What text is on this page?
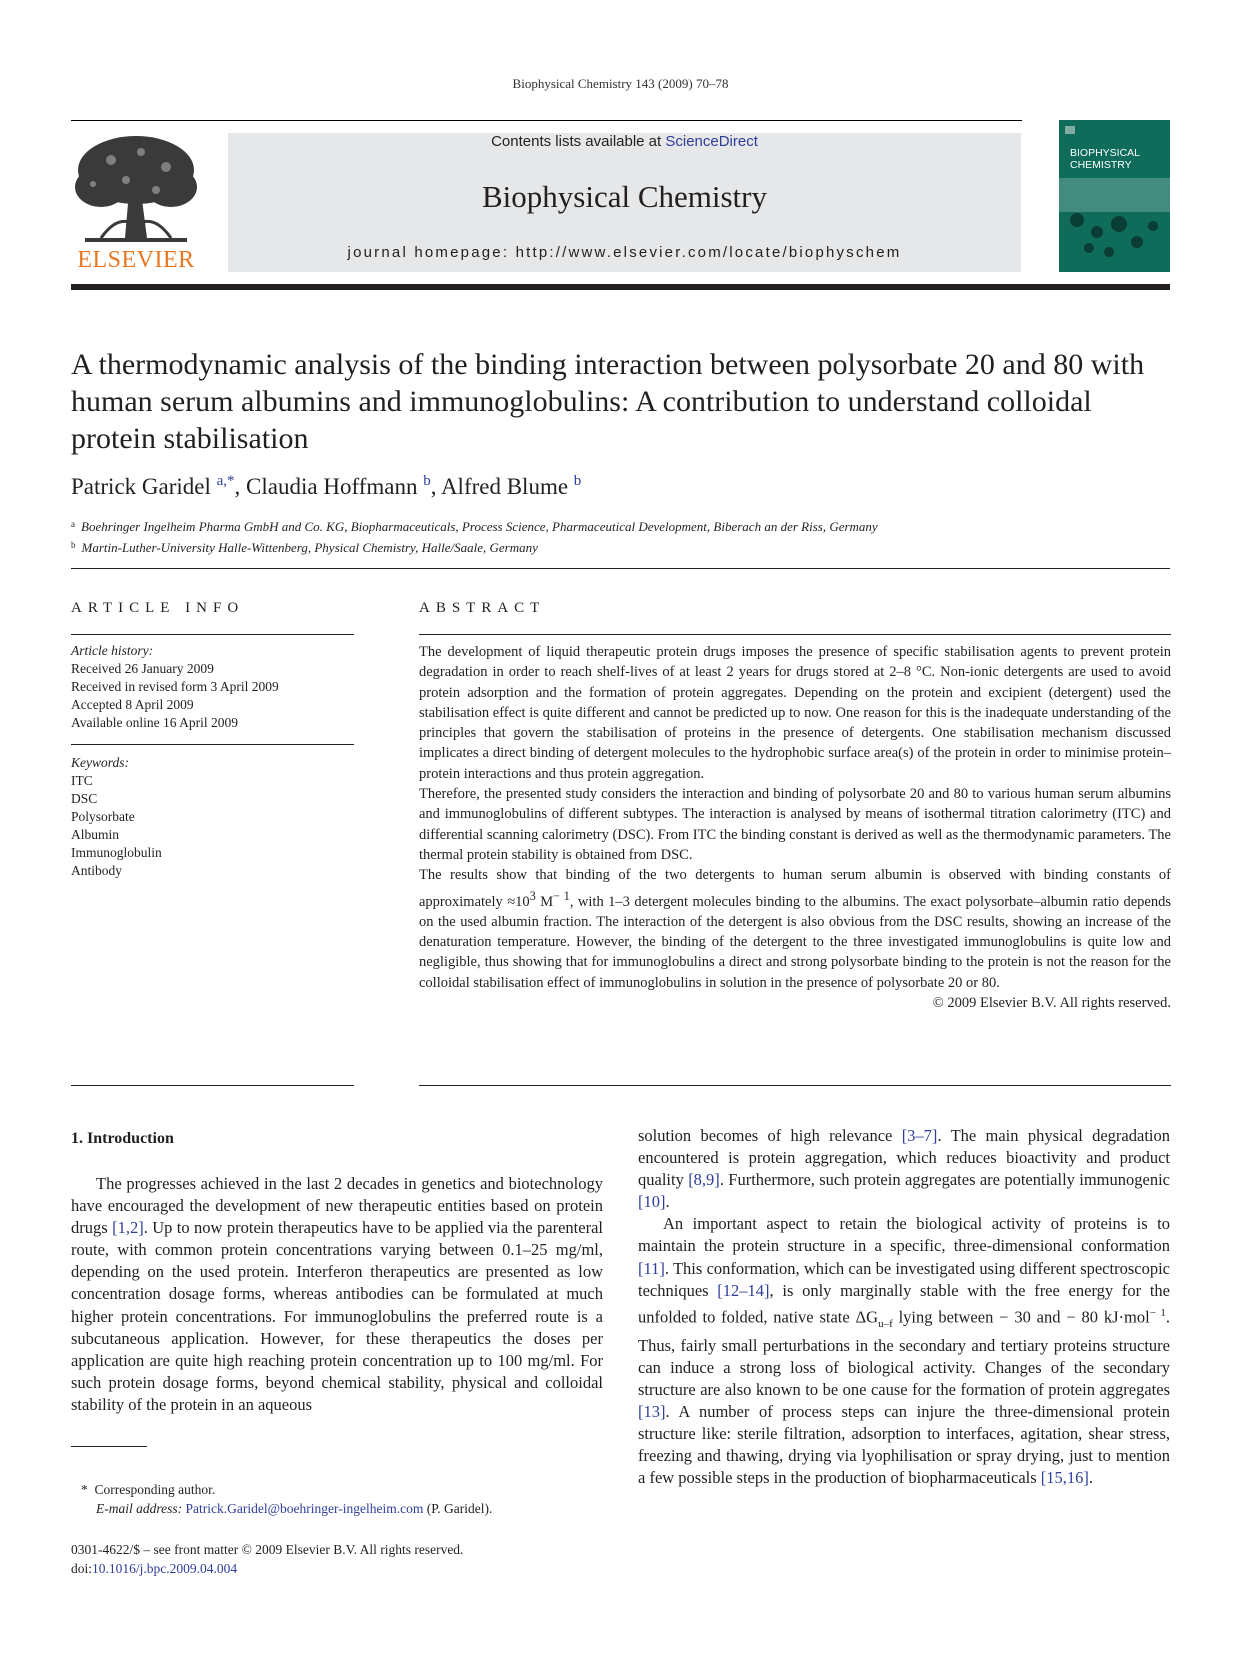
Biophysical Chemistry 143 (2009) 70–78
ELSEVIER
Contents lists available at ScienceDirect
Biophysical Chemistry
journal homepage: http://www.elsevier.com/locate/biophyschem
BIOPHYSICAL
CHEMISTRY
A thermodynamic analysis of the binding interaction between polysorbate 20 and 80 with human serum albumins and immunoglobulins: A contribution to understand colloidal protein stabilisation
Patrick Garidel $^{a,*}$, Claudia Hoffmann $^b$, Alfred Blume $^b$
$^a$ Boehringer Ingelheim Pharma GmbH and Co. KG, Biopharmaceuticals, Process Science, Pharmaceutical Development, Biberach an der Riss, Germany
$^b$ Martin-Luther-University Halle-Wittenberg, Physical Chemistry, Halle/Saale, Germany
ARTICLE INFO
Article history:
Received 26 January 2009
Received in revised form 3 April 2009
Accepted 8 April 2009
Available online 16 April 2009
Keywords:
ITC
DSC
Polysorbate
Albumin
Immunoglobulin
Antibody
ABSTRACT

The development of liquid therapeutic protein drugs imposes the presence of specific stabilisation agents to prevent protein degradation in order to reach shelf-lives of at least 2 years for drugs stored at 2–8 °C. Non-ionic detergents are used to avoid protein adsorption and the formation of protein aggregates. Depending on the protein and excipient (detergent) used the stabilisation effect is quite different and cannot be predicted up to now. One reason for this is the inadequate understanding of the principles that govern the stabilisation of proteins in the presence of detergents. One stabilisation mechanism discussed implicates a direct binding of detergent molecules to the hydrophobic surface area(s) of the protein in order to minimise protein–protein interactions and thus protein aggregation.

Therefore, the presented study considers the interaction and binding of polysorbate 20 and 80 to various human serum albumins and immunoglobulins of different subtypes. The interaction is analysed by means of isothermal titration calorimetry (ITC) and differential scanning calorimetry (DSC). From ITC the binding constant is derived as well as the thermodynamic parameters. The thermal protein stability is obtained from DSC.

The results show that binding of the two detergents to human serum albumin is observed with binding constants of approximately $\approx 10^3$ $M^{- 1}$, with 1–3 detergent molecules binding to the albumins. The exact polysorbate–albumin ratio depends on the used albumin fraction. The interaction of the detergent is also obvious from the DSC results, showing an increase of the denaturation temperature. However, the binding of the detergent to the three investigated immunoglobulins is quite low and negligible, thus showing that for immunoglobulins a direct and strong polysorbate binding to the protein is not the reason for the colloidal stabilisation effect of immunoglobulins in solution in the presence of polysorbate 20 or 80.

© 2009 Elsevier B.V. All rights reserved.

1. Introduction

The progresses achieved in the last 2 decades in genetics and biotechnology have encouraged the development of new therapeutic entities based on protein drugs [1,2]. Up to now protein therapeutics have to be applied via the parenteral route, with common protein concentrations varying between 0.1–25 mg/ml, depending on the used protein. Interferon therapeutics are presented as low concentration dosage forms, whereas antibodies can be formulated at much higher protein concentrations. For immunoglobulins the preferred route is a subcutaneous application. However, for these therapeutics the doses per application are quite high reaching protein concentration up to 100 mg/ml. For such protein dosage forms, beyond chemical stability, physical and colloidal stability of the protein in an aqueous

solution becomes of high relevance [3–7]. The main physical degradation encountered is protein aggregation, which reduces bioactivity and product quality [8,9]. Furthermore, such protein aggregates are potentially immunogenic [10].

An important aspect to retain the biological activity of proteins is to maintain the protein structure in a specific, three-dimensional conformation [11]. This conformation, which can be investigated using different spectroscopic techniques [12–14], is only marginally stable with the free energy for the unfolded to folded, native state $\Delta G_{u-f}$ lying between − 30 and − 80 kJ·mol$^{- 1}$. Thus, fairly small perturbations in the secondary and tertiary proteins structure can induce a strong loss of biological activity. Changes of the secondary structure are also known to be one cause for the formation of protein aggregates [13]. A number of process steps can injure the three-dimensional protein structure like: sterile filtration, adsorption to interfaces, agitation, shear stress, freezing and thawing, drying via lyophilisation or spray drying, just to mention a few possible steps in the production of biopharmaceuticals [15,16].

* Corresponding author.
E-mail address: Patrick.Garidel@boehringer-ingelheim.com (P. Garidel).
0301-4622/$ – see front matter © 2009 Elsevier B.V. All rights reserved.
doi:10.1016/j.bpc.2009.04.004
